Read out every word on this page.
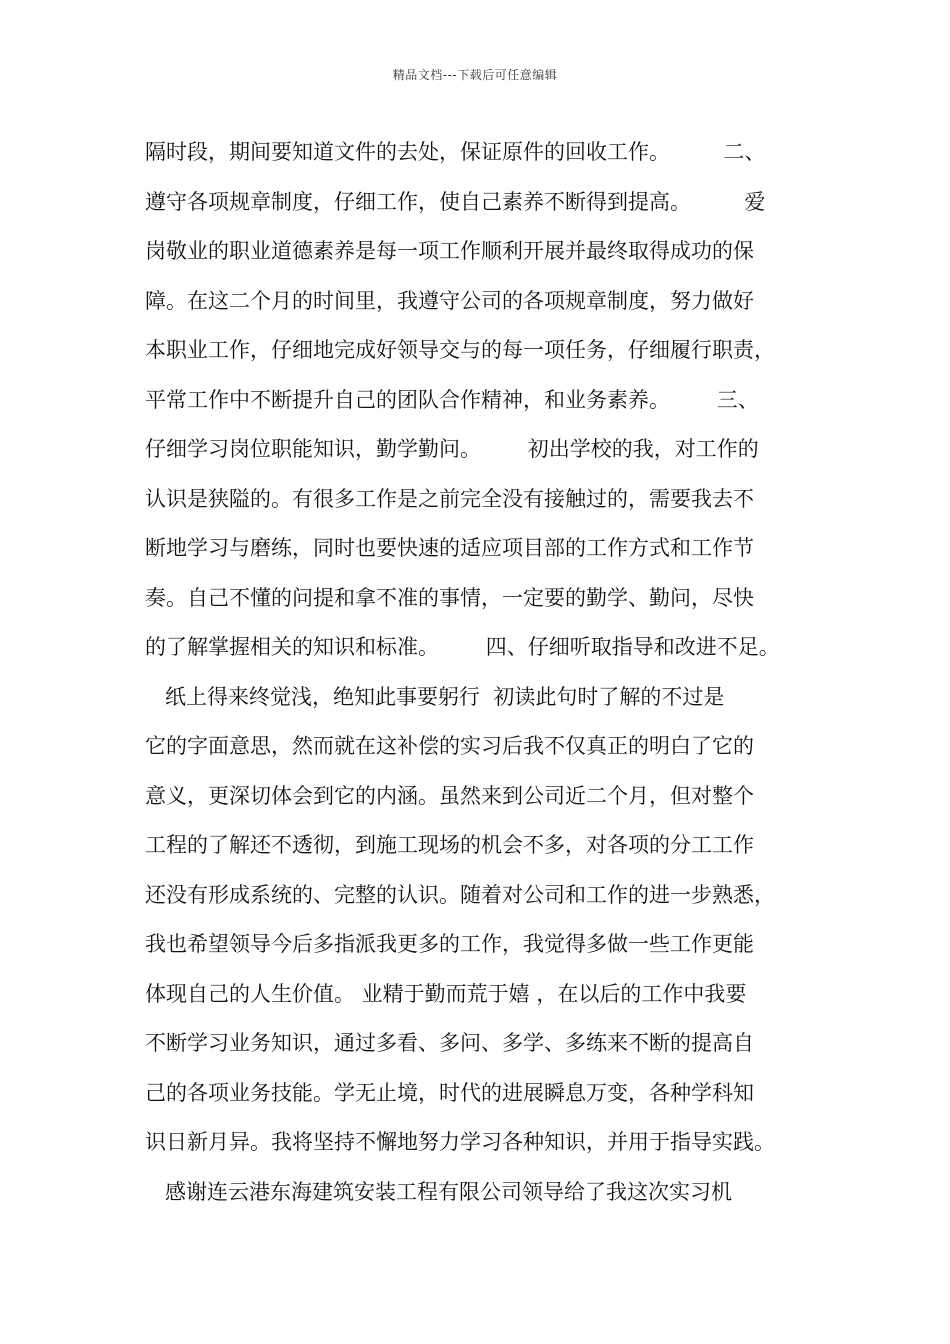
精品文档---下载后可任意编辑
隔时段，期间要知道文件的去处，保证原件的回收工作。        二、
遵守各项规章制度，仔细工作，使自己素养不断得到提高。        爱
岗敬业的职业道德素养是每一项工作顺利开展并最终取得成功的保
障。在这二个月的时间里，我遵守公司的各项规章制度，努力做好
本职业工作，仔细地完成好领导交与的每一项任务，仔细履行职责，
平常工作中不断提升自己的团队合作精神，和业务素养。       三、
仔细学习岗位职能知识，勤学勤问。       初出学校的我，对工作的
认识是狭隘的。有很多工作是之前完全没有接触过的，需要我去不
断地学习与磨练，同时也要快速的适应项目部的工作方式和工作节
奏。自己不懂的问提和拿不准的事情，一定要的勤学、勤问，尽快
的了解掌握相关的知识和标准。       四、仔细听取指导和改进不足。
纸上得来终觉浅，绝知此事要躬行  初读此句时了解的不过是
它的字面意思，然而就在这补偿的实习后我不仅真正的明白了它的
意义，更深切体会到它的内涵。虽然来到公司近二个月，但对整个
工程的了解还不透彻，到施工现场的机会不多，对各项的分工工作
还没有形成系统的、完整的认识。随着对公司和工作的进一步熟悉，
我也希望领导今后多指派我更多的工作，我觉得多做一些工作更能
体现自己的人生价值。 业精于勤而荒于嬉 ，在以后的工作中我要
不断学习业务知识，通过多看、多问、多学、多练来不断的提高自
己的各项业务技能。学无止境，时代的进展瞬息万变，各种学科知
识日新月异。我将坚持不懈地努力学习各种知识，并用于指导实践。
感谢连云港东海建筑安装工程有限公司领导给了我这次实习机
